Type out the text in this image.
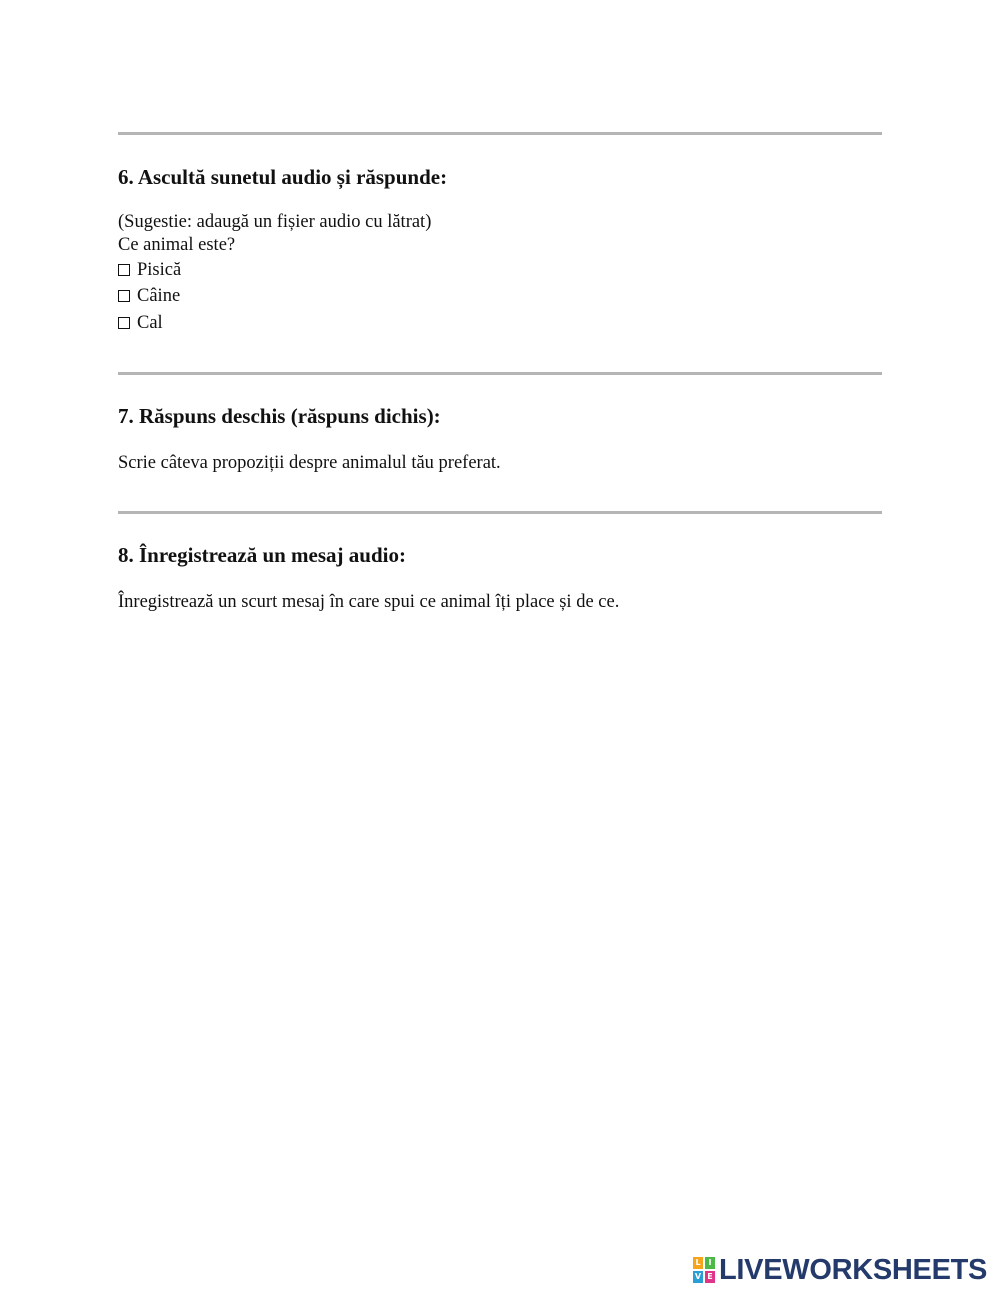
6. Ascultă sunetul audio și răspunde:

(Sugestie: adaugă un fișier audio cu lătrat)

Ce animal este?

Pisică
Câine
Cal
7. Răspuns deschis (răspuns dichis):

Scrie câteva propoziții despre animalul tău preferat.

8. Înregistrează un mesaj audio:

Înregistrează un scurt mesaj în care spui ce animal îți place și de ce.

L I
V E LIVEWORKSHEETS
